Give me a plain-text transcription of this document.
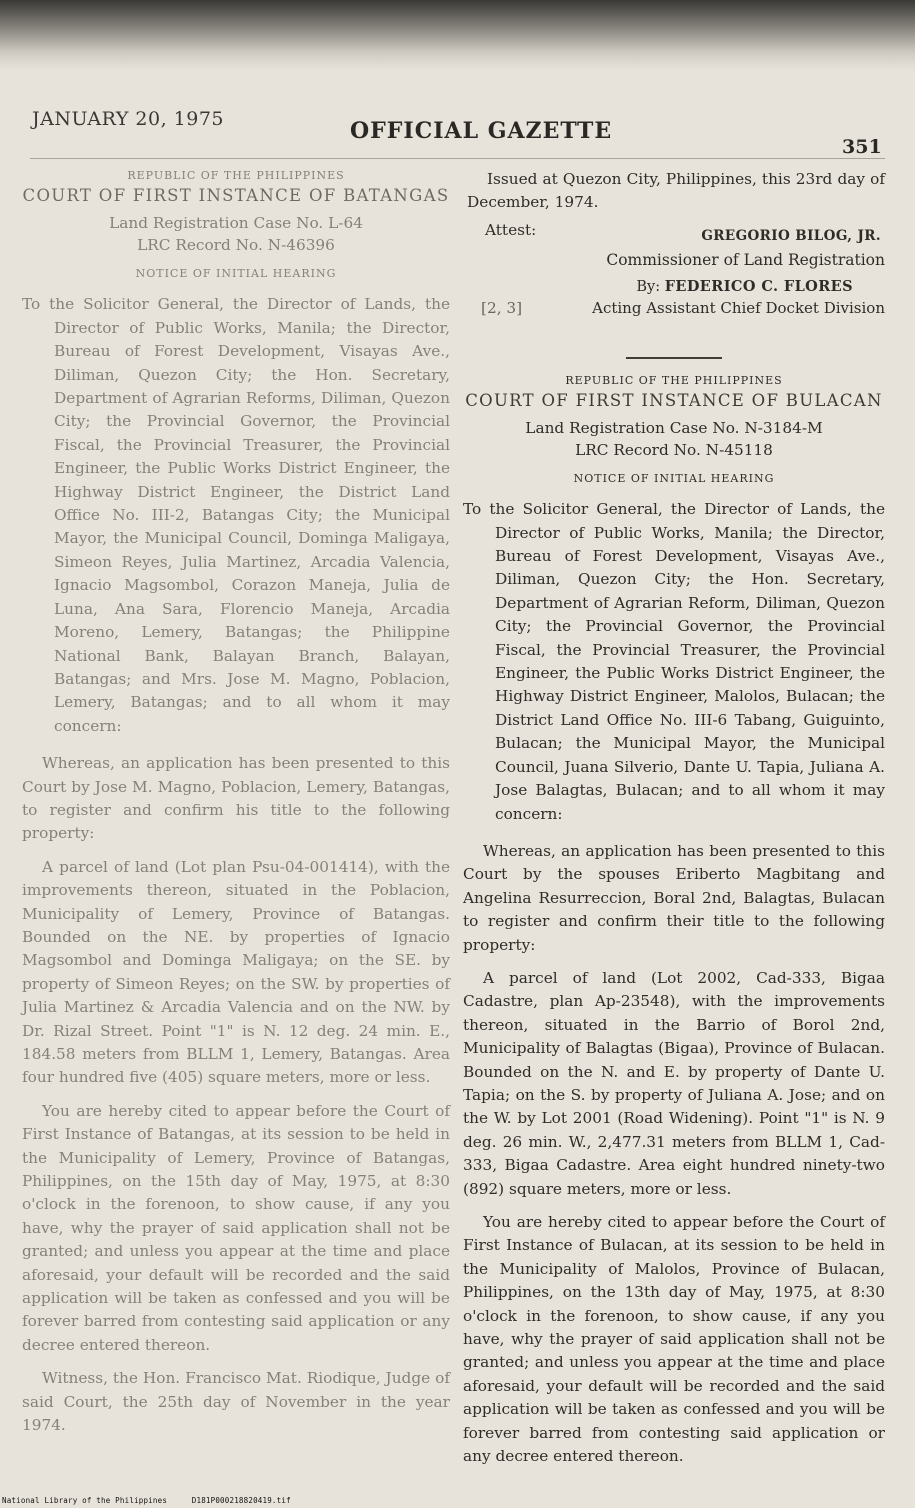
JANUARY 20, 1975	OFFICIAL GAZETTE
351

REPUBLIC OF THE PHILIPPINES

COURT OF FIRST INSTANCE OF BATANGAS

Land Registration Case No. L-64

LRC Record No. N-46396

NOTICE OF INITIAL HEARING

To the Solicitor General, the Director of Lands, the Director of Public Works, Manila; the Director, Bureau of Forest Development, Visayas Ave., Diliman, Quezon City; the Hon. Secretary, Department of Agrarian Reforms, Diliman, Quezon City; the Provincial Governor, the Provincial Fiscal, the Provincial Treasurer, the Provincial Engineer, the Public Works District Engineer, the Highway District Engineer, the District Land Office No. III-2, Batangas City; the Municipal Mayor, the Municipal Council, Dominga Maligaya, Simeon Reyes, Julia Martinez, Arcadia Valencia, Ignacio Magsombol, Corazon Maneja, Julia de Luna, Ana Sara, Florencio Maneja, Arcadia Moreno, Lemery, Batangas; the Philippine National Bank, Balayan Branch, Balayan, Batangas; and Mrs. Jose M. Magno, Poblacion, Lemery, Batangas; and to all whom it may concern:

Whereas, an application has been presented to this Court by Jose M. Magno, Poblacion, Lemery, Batangas, to register and confirm his title to the following property:

A parcel of land (Lot plan Psu-04-001414), with the improvements thereon, situated in the Poblacion, Municipality of Lemery, Province of Batangas. Bounded on the NE. by properties of Ignacio Magsombol and Dominga Maligaya; on the SE. by property of Simeon Reyes; on the SW. by properties of Julia Martinez & Arcadia Valencia and on the NW. by Dr. Rizal Street. Point "1" is N. 12 deg. 24 min. E., 184.58 meters from BLLM 1, Lemery, Batangas. Area four hundred five (405) square meters, more or less.

You are hereby cited to appear before the Court of First Instance of Batangas, at its session to be held in the Municipality of Lemery, Province of Batangas, Philippines, on the 15th day of May, 1975, at 8:30 o'clock in the forenoon, to show cause, if any you have, why the prayer of said application shall not be granted; and unless you appear at the time and place aforesaid, your default will be recorded and the said application will be taken as confessed and you will be forever barred from contesting said application or any decree entered thereon.

Witness, the Hon. Francisco Mat. Riodique, Judge of said Court, the 25th day of November in the year 1974.

Issued at Quezon City, Philippines, this 23rd day of December, 1974.

Attest:	GREGORIO BILOG, JR.
Commissioner of Land Registration
By: FEDERICO C. FLORES
[2, 3]	Acting Assistant Chief Docket Division

REPUBLIC OF THE PHILIPPINES

COURT OF FIRST INSTANCE OF BULACAN

Land Registration Case No. N-3184-M

LRC Record No. N-45118

NOTICE OF INITIAL HEARING

To the Solicitor General, the Director of Lands, the Director of Public Works, Manila; the Director, Bureau of Forest Development, Visayas Ave., Diliman, Quezon City; the Hon. Secretary, Department of Agrarian Reform, Diliman, Quezon City; the Provincial Governor, the Provincial Fiscal, the Provincial Treasurer, the Provincial Engineer, the Public Works District Engineer, the Highway District Engineer, Malolos, Bulacan; the District Land Office No. III-6 Tabang, Guiguinto, Bulacan; the Municipal Mayor, the Municipal Council, Juana Silverio, Dante U. Tapia, Juliana A. Jose Balagtas, Bulacan; and to all whom it may concern:

Whereas, an application has been presented to this Court by the spouses Eriberto Magbitang and Angelina Resurreccion, Boral 2nd, Balagtas, Bulacan to register and confirm their title to the following property:

A parcel of land (Lot 2002, Cad-333, Bigaa Cadastre, plan Ap-23548), with the improvements thereon, situated in the Barrio of Borol 2nd, Municipality of Balagtas (Bigaa), Province of Bulacan. Bounded on the N. and E. by property of Dante U. Tapia; on the S. by property of Juliana A. Jose; and on the W. by Lot 2001 (Road Widening). Point "1" is N. 9 deg. 26 min. W., 2,477.31 meters from BLLM 1, Cad-333, Bigaa Cadastre. Area eight hundred ninety-two (892) square meters, more or less.

You are hereby cited to appear before the Court of First Instance of Bulacan, at its session to be held in the Municipality of Malolos, Province of Bulacan, Philippines, on the 13th day of May, 1975, at 8:30 o'clock in the forenoon, to show cause, if any you have, why the prayer of said application shall not be granted; and unless you appear at the time and place aforesaid, your default will be recorded and the said application will be taken as confessed and you will be forever barred from contesting said application or any decree entered thereon.

National Library of the Philippines	D181P000218820419.tif
